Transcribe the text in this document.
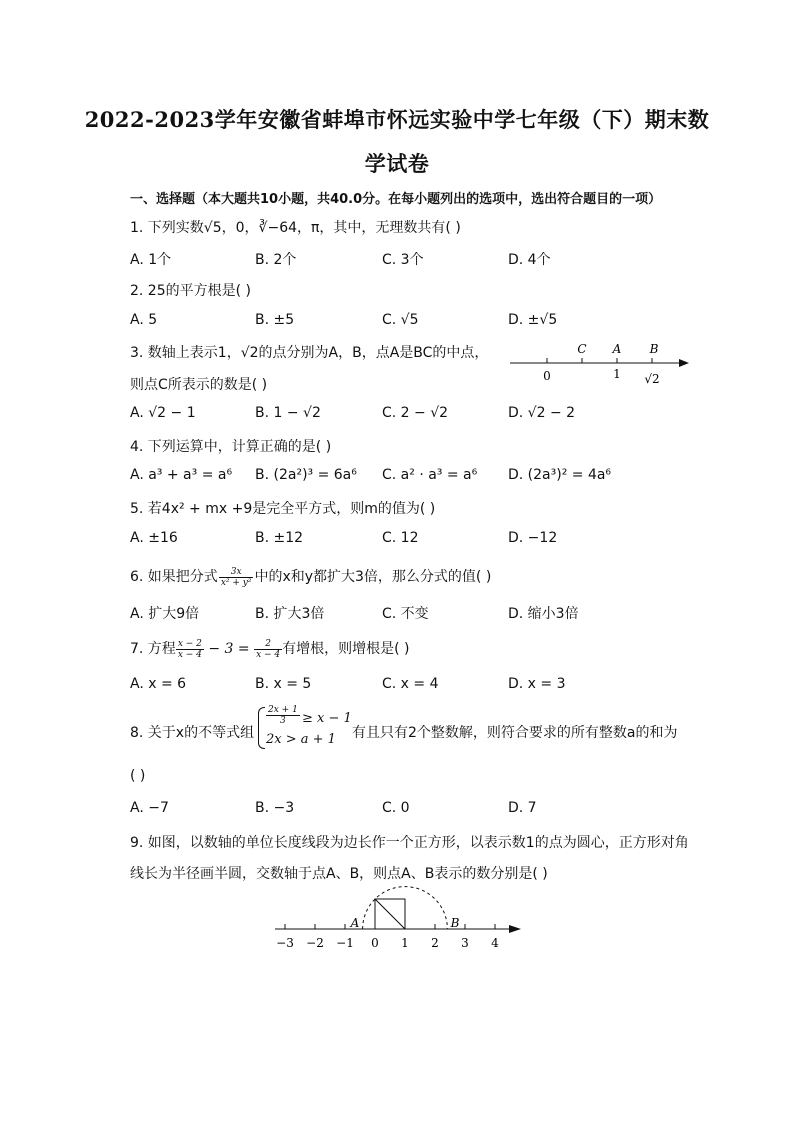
2022-2023学年安徽省蚌埠市怀远实验中学七年级（下）期末数
学试卷
一、选择题（本大题共10小题，共40.0分。在每小题列出的选项中，选出符合题目的一项）
1. 下列实数√5，0，∛−64，π，其中，无理数共有( )
A. 1个	B. 2个	C. 3个	D. 4个
2. 25的平方根是( )
A. 5	B. ±5	C. √5	D. ±√5
3. 数轴上表示1，√2的点分别为A，B，点A是BC的中点，
则点C所表示的数是( )
C A B
0	1 √2
A. √2 − 1	B. 1 − √2	C. 2 − √2	D. √2 − 2
4. 下列运算中，计算正确的是( )
A. a³ + a³ = a⁶ B. (2a²)³ = 6a⁶ C. a² · a³ = a⁶ D. (2a³)² = 4a⁶
5. 若4x² + mx +9是完全平方式，则m的值为( )
A. ±16	B. ±12	C. 12	D. −12
6. 如果把分式 $\frac{3x}{\text{x² + y²}}$ 中的x和y都扩大3倍，那么分式的值( )
A. 扩大9倍	B. 扩大3倍	C. 不变	D. 缩小3倍
7. 方程 $\frac{x - 2}{x - 4} - 3 = \frac{2}{x - 4}$ 有增根，则增根是( )
A. x = 6	B. x = 5	C. x = 4	D. x = 3
8. 关于x的不等式组
$\frac{2x + 1}{3} \ge x - 1$
2x > a + 1 有且只有2个整数解，则符合要求的所有整数a的和为
( )
A. −7	B. −3	C. 0	D. 7
9. 如图，以数轴的单位长度线段为边长作一个正方形，以表示数1的点为圆心，正方形对角
线长为半径画半圆，交数轴于点A、B，则点A、B表示的数分别是( )
A	B
−3 −2 −1 0 1 2 3 4
